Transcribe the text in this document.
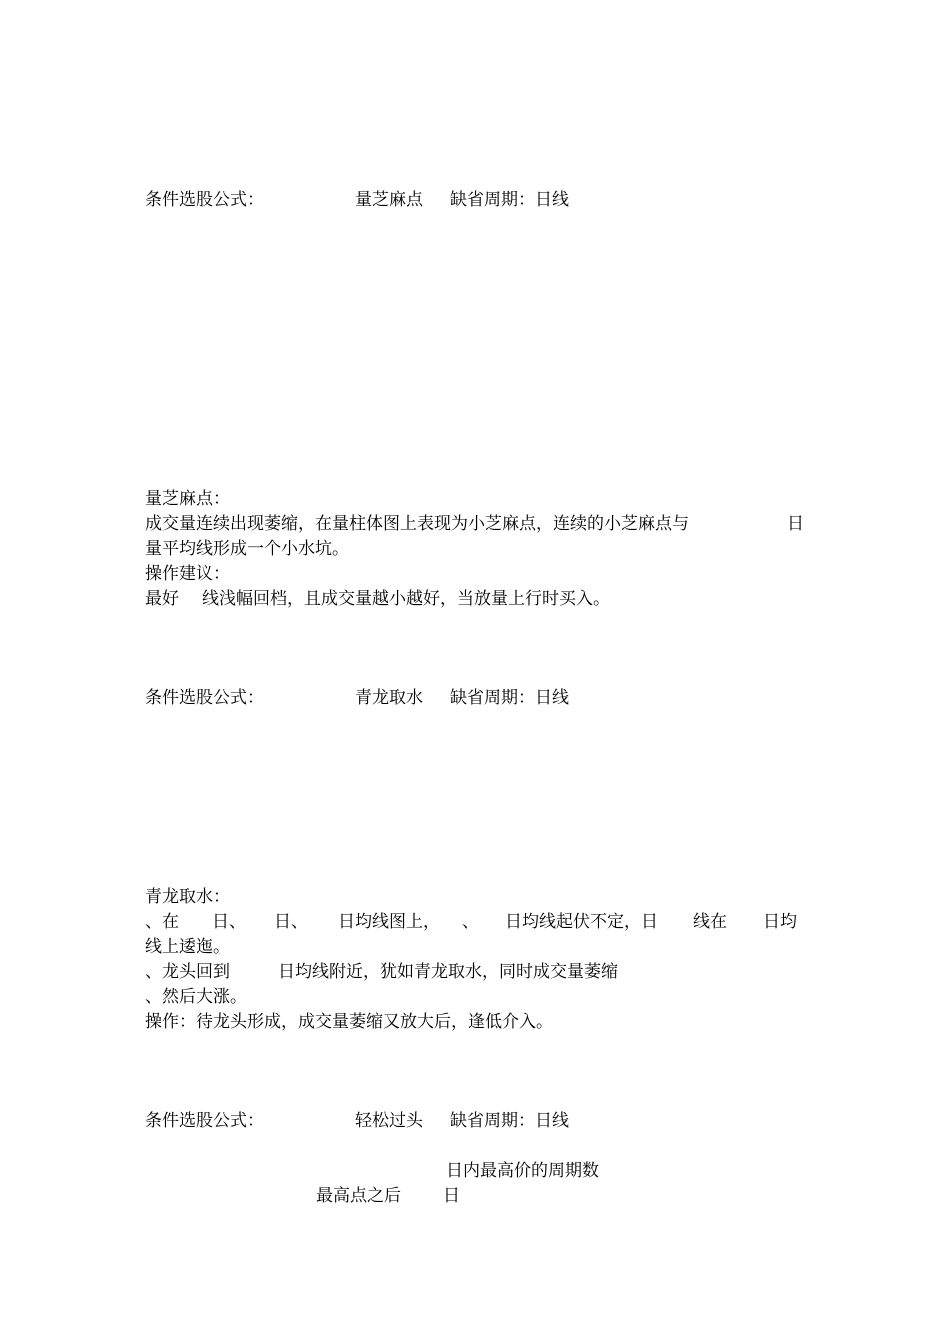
条件选股公式：	量芝麻点 缺省周期：日线
量芝麻点：
成交量连续出现萎缩，在量柱体图上表现为小芝麻点，连续的小芝麻点与	日
量平均线形成一个小水坑。
操作建议：
最好 线浅幅回档，且成交量越小越好，当放量上行时买入。
条件选股公式：	青龙取水 缺省周期：日线
青龙取水：
、在 日、 日、 日均线图上， 、 日均线起伏不定，日 线在 日均
线上逶迤。
、龙头回到	日均线附近，犹如青龙取水，同时成交量萎缩
、然后大涨。
操作：待龙头形成，成交量萎缩又放大后，逢低介入。
条件选股公式：	轻松过头 缺省周期：日线
日内最高价的周期数
最高点之后 日
